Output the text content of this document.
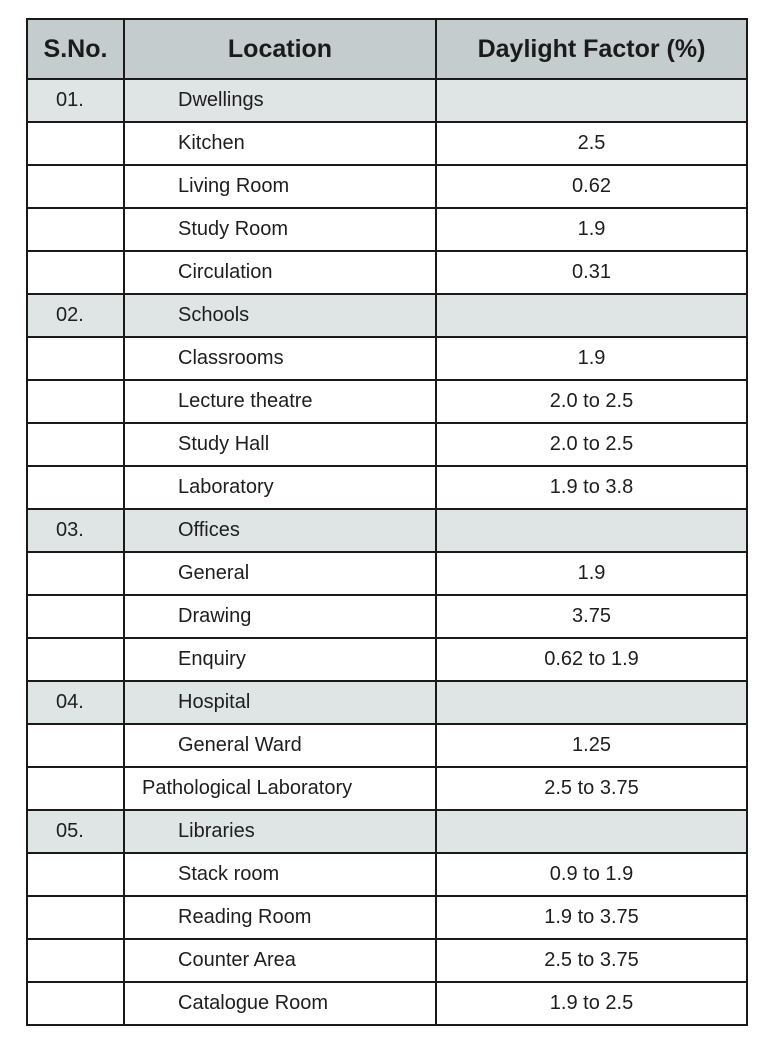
S.No.	Location	Daylight Factor (%)
01.	Dwellings	
	Kitchen	2.5
	Living Room	0.62
	Study Room	1.9
	Circulation	0.31
02.	Schools	
	Classrooms	1.9
	Lecture theatre	2.0 to 2.5
	Study Hall	2.0 to 2.5
	Laboratory	1.9 to 3.8
03.	Offices	
	General	1.9
	Drawing	3.75
	Enquiry	0.62 to 1.9
04.	Hospital	
	General Ward	1.25
	Pathological Laboratory	2.5 to 3.75
05.	Libraries	
	Stack room	0.9 to 1.9
	Reading Room	1.9 to 3.75
	Counter Area	2.5 to 3.75
	Catalogue Room	1.9 to 2.5
